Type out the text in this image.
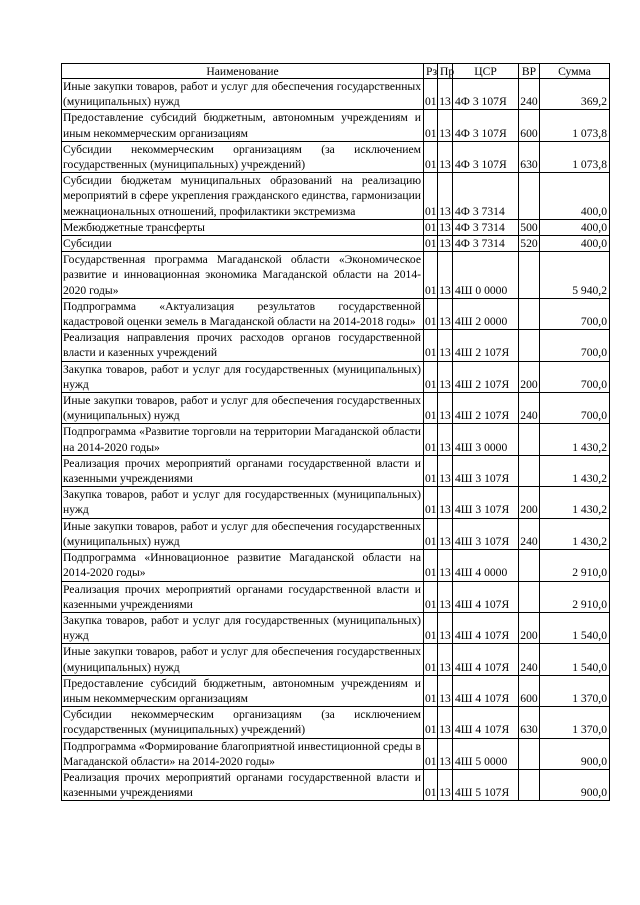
Наименование	Рз	Пр	ЦСР	ВР	Сумма
Иные закупки товаров, работ и услуг для обеспечения государственных (муниципальных) нужд	01	13	4Ф 3 107Я	240	369,2
Предоставление субсидий бюджетным, автономным учреждениям и иным некоммерческим организациям	01	13	4Ф 3 107Я	600	1 073,8
Субсидии некоммерческим организациям (за исключением государственных (муниципальных) учреждений)	01	13	4Ф 3 107Я	630	1 073,8
Субсидии бюджетам муниципальных образований на реализацию мероприятий в сфере укрепления гражданского единства, гармонизации межнациональных отношений, профилактики экстремизма	01	13	4Ф 3 7314		400,0
Межбюджетные трансферты	01	13	4Ф 3 7314	500	400,0
Субсидии	01	13	4Ф 3 7314	520	400,0
Государственная программа Магаданской области «Экономическое развитие и инновационная экономика Магаданской области на 2014-2020 годы»	01	13	4Ш 0 0000		5 940,2
Подпрограмма «Актуализация результатов государственной кадастровой оценки земель в Магаданской области на 2014-2018 годы»	01	13	4Ш 2 0000		700,0
Реализация направления прочих расходов органов государственной власти и казенных учреждений	01	13	4Ш 2 107Я		700,0
Закупка товаров, работ и услуг для государственных (муниципальных) нужд	01	13	4Ш 2 107Я	200	700,0
Иные закупки товаров, работ и услуг для обеспечения государственных (муниципальных) нужд	01	13	4Ш 2 107Я	240	700,0
Подпрограмма «Развитие торговли на территории Магаданской области на 2014-2020 годы»	01	13	4Ш 3 0000		1 430,2
Реализация прочих мероприятий органами государственной власти и казенными учреждениями	01	13	4Ш 3 107Я		1 430,2
Закупка товаров, работ и услуг для государственных (муниципальных) нужд	01	13	4Ш 3 107Я	200	1 430,2
Иные закупки товаров, работ и услуг для обеспечения государственных (муниципальных) нужд	01	13	4Ш 3 107Я	240	1 430,2
Подпрограмма «Инновационное развитие Магаданской области на 2014-2020 годы»	01	13	4Ш 4 0000		2 910,0
Реализация прочих мероприятий органами государственной власти и казенными учреждениями	01	13	4Ш 4 107Я		2 910,0
Закупка товаров, работ и услуг для государственных (муниципальных) нужд	01	13	4Ш 4 107Я	200	1 540,0
Иные закупки товаров, работ и услуг для обеспечения государственных (муниципальных) нужд	01	13	4Ш 4 107Я	240	1 540,0
Предоставление субсидий бюджетным, автономным учреждениям и иным некоммерческим организациям	01	13	4Ш 4 107Я	600	1 370,0
Субсидии некоммерческим организациям (за исключением государственных (муниципальных) учреждений)	01	13	4Ш 4 107Я	630	1 370,0
Подпрограмма «Формирование благоприятной инвестиционной среды в Магаданской области» на 2014-2020 годы»	01	13	4Ш 5 0000		900,0
Реализация прочих мероприятий органами государственной власти и казенными учреждениями	01	13	4Ш 5 107Я		900,0
